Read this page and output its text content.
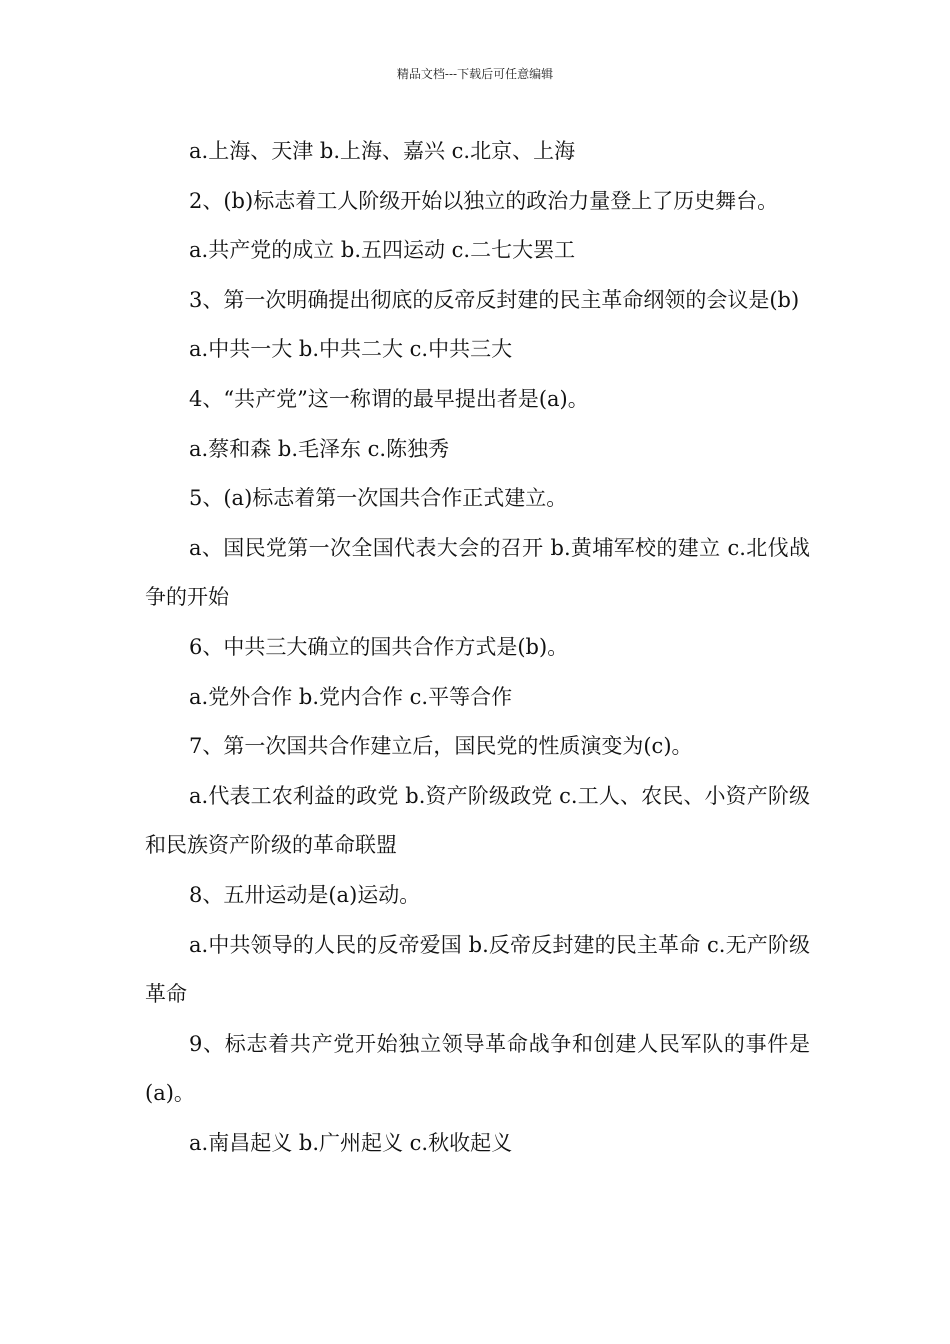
精品文档---下载后可任意编辑

a.上海、天津 b.上海、嘉兴 c.北京、上海

2、(b)标志着工人阶级开始以独立的政治力量登上了历史舞台。

a.共产党的成立 b.五四运动 c.二七大罢工

3、第一次明确提出彻底的反帝反封建的民主革命纲领的会议是(b)

a.中共一大 b.中共二大 c.中共三大

4、“共产党”这一称谓的最早提出者是(a)。

a.蔡和森 b.毛泽东 c.陈独秀

5、(a)标志着第一次国共合作正式建立。

a、国民党第一次全国代表大会的召开 b.黄埔军校的建立 c.北伐战争的开始

6、中共三大确立的国共合作方式是(b)。

a.党外合作 b.党内合作 c.平等合作

7、第一次国共合作建立后，国民党的性质演变为(c)。

a.代表工农利益的政党 b.资产阶级政党 c.工人、农民、小资产阶级和民族资产阶级的革命联盟

8、五卅运动是(a)运动。

a.中共领导的人民的反帝爱国 b.反帝反封建的民主革命 c.无产阶级革命

9、标志着共产党开始独立领导革命战争和创建人民军队的事件是(a)。

a.南昌起义 b.广州起义 c.秋收起义
